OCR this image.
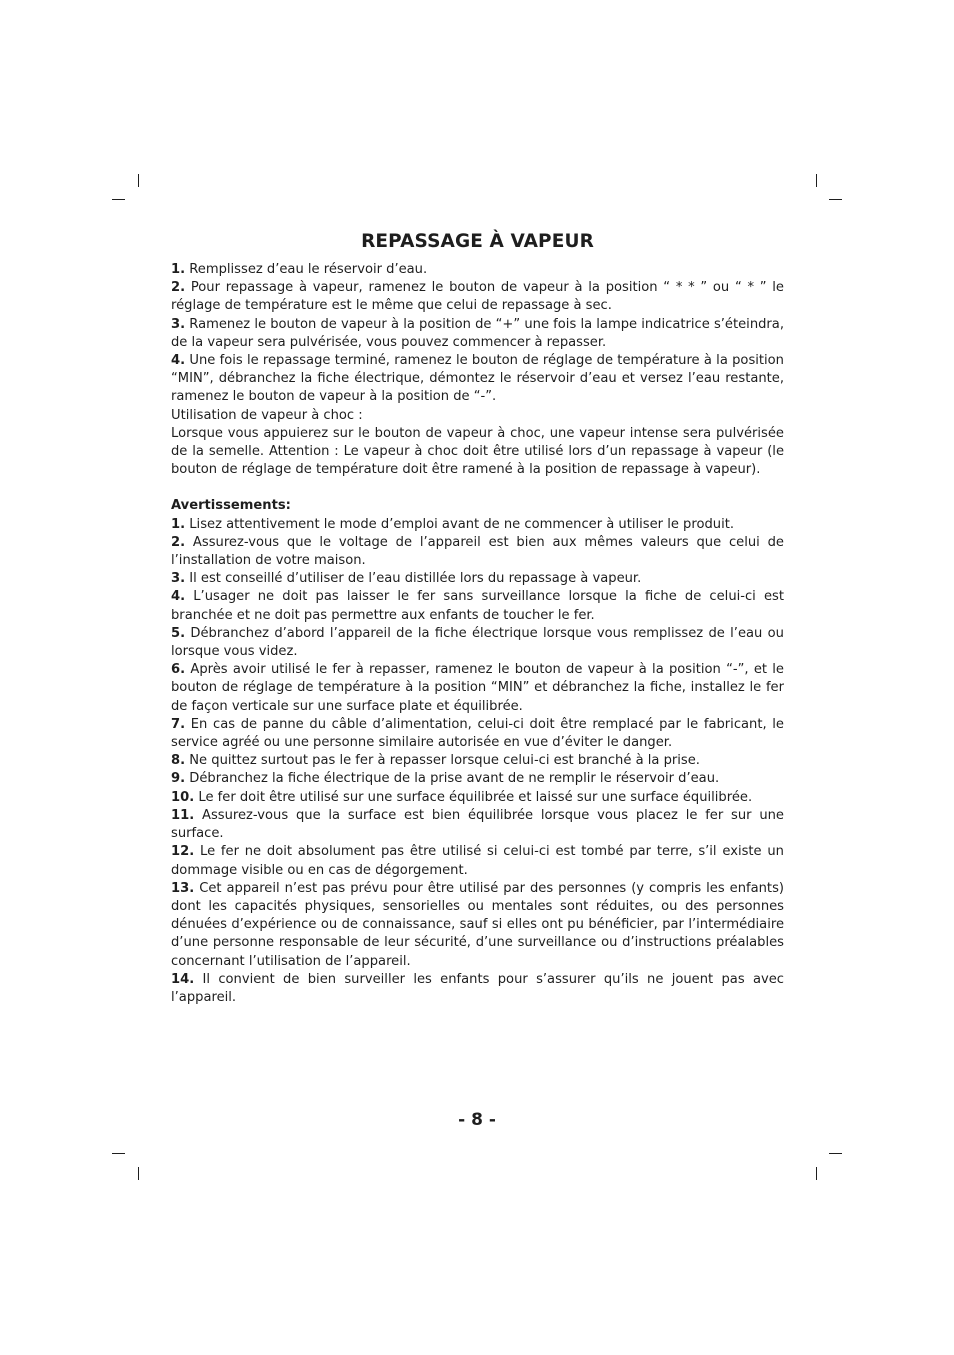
REPASSAGE À VAPEUR

1. Remplissez d’eau le réservoir d’eau.

2. Pour repassage à vapeur, ramenez le bouton de vapeur à la position “ * * ” ou “ * ” le réglage de température est le même que celui de repassage à sec.

3. Ramenez le bouton de vapeur à la position de “+” une fois la lampe indicatrice s’éteindra, de la vapeur sera pulvérisée, vous pouvez commencer à repasser.

4. Une fois le repassage terminé, ramenez le bouton de réglage de température à la position “MIN”, débranchez la fiche électrique, démontez le réservoir d’eau et versez l’eau restante, ramenez le bouton de vapeur à la position de “-”.

Utilisation de vapeur à choc :

Lorsque vous appuierez sur le bouton de vapeur à choc, une vapeur intense sera pulvérisée de la semelle. Attention : Le vapeur à choc doit être utilisé lors d’un repassage à vapeur (le bouton de réglage de température doit être ramené à la position de repassage à vapeur).

Avertissements:

1. Lisez attentivement le mode d’emploi avant de ne commencer à utiliser le produit.

2. Assurez-vous que le voltage de l’appareil est bien aux mêmes valeurs que celui de l’installation de votre maison.

3. Il est conseillé d’utiliser de l’eau distillée lors du repassage à vapeur.

4. L’usager ne doit pas laisser le fer sans surveillance lorsque la fiche de celui-ci est branchée et ne doit pas permettre aux enfants de toucher le fer.

5. Débranchez d’abord l’appareil de la fiche électrique lorsque vous remplissez de l’eau ou lorsque vous videz.

6. Après avoir utilisé le fer à repasser, ramenez le bouton de vapeur à la position “-”, et le bouton de réglage de température à la position “MIN” et débranchez la fiche, installez le fer de façon verticale sur une surface plate et équilibrée.

7. En cas de panne du câble d’alimentation, celui-ci doit être remplacé par le fabricant, le service agréé ou une personne similaire autorisée en vue d’éviter le danger.

8. Ne quittez surtout pas le fer à repasser lorsque celui-ci est branché à la prise.

9. Débranchez la fiche électrique de la prise avant de ne remplir le réservoir d’eau.

10. Le fer doit être utilisé sur une surface équilibrée et laissé sur une surface équilibrée.

11. Assurez-vous que la surface est bien équilibrée lorsque vous placez le fer sur une surface.

12. Le fer ne doit absolument pas être utilisé si celui-ci est tombé par terre, s’il existe un dommage visible ou en cas de dégorgement.

13. Cet appareil n’est pas prévu pour être utilisé par des personnes (y compris les enfants) dont les capacités physiques, sensorielles ou mentales sont réduites, ou des personnes dénuées d’expérience ou de connaissance, sauf si elles ont pu bénéficier, par l’intermédiaire d’une personne responsable de leur sécurité, d’une surveillance ou d’instructions préalables concernant l’utilisation de l’appareil.

14. Il convient de bien surveiller les enfants pour s’assurer qu’ils ne jouent pas avec l’appareil.

- 8 -
